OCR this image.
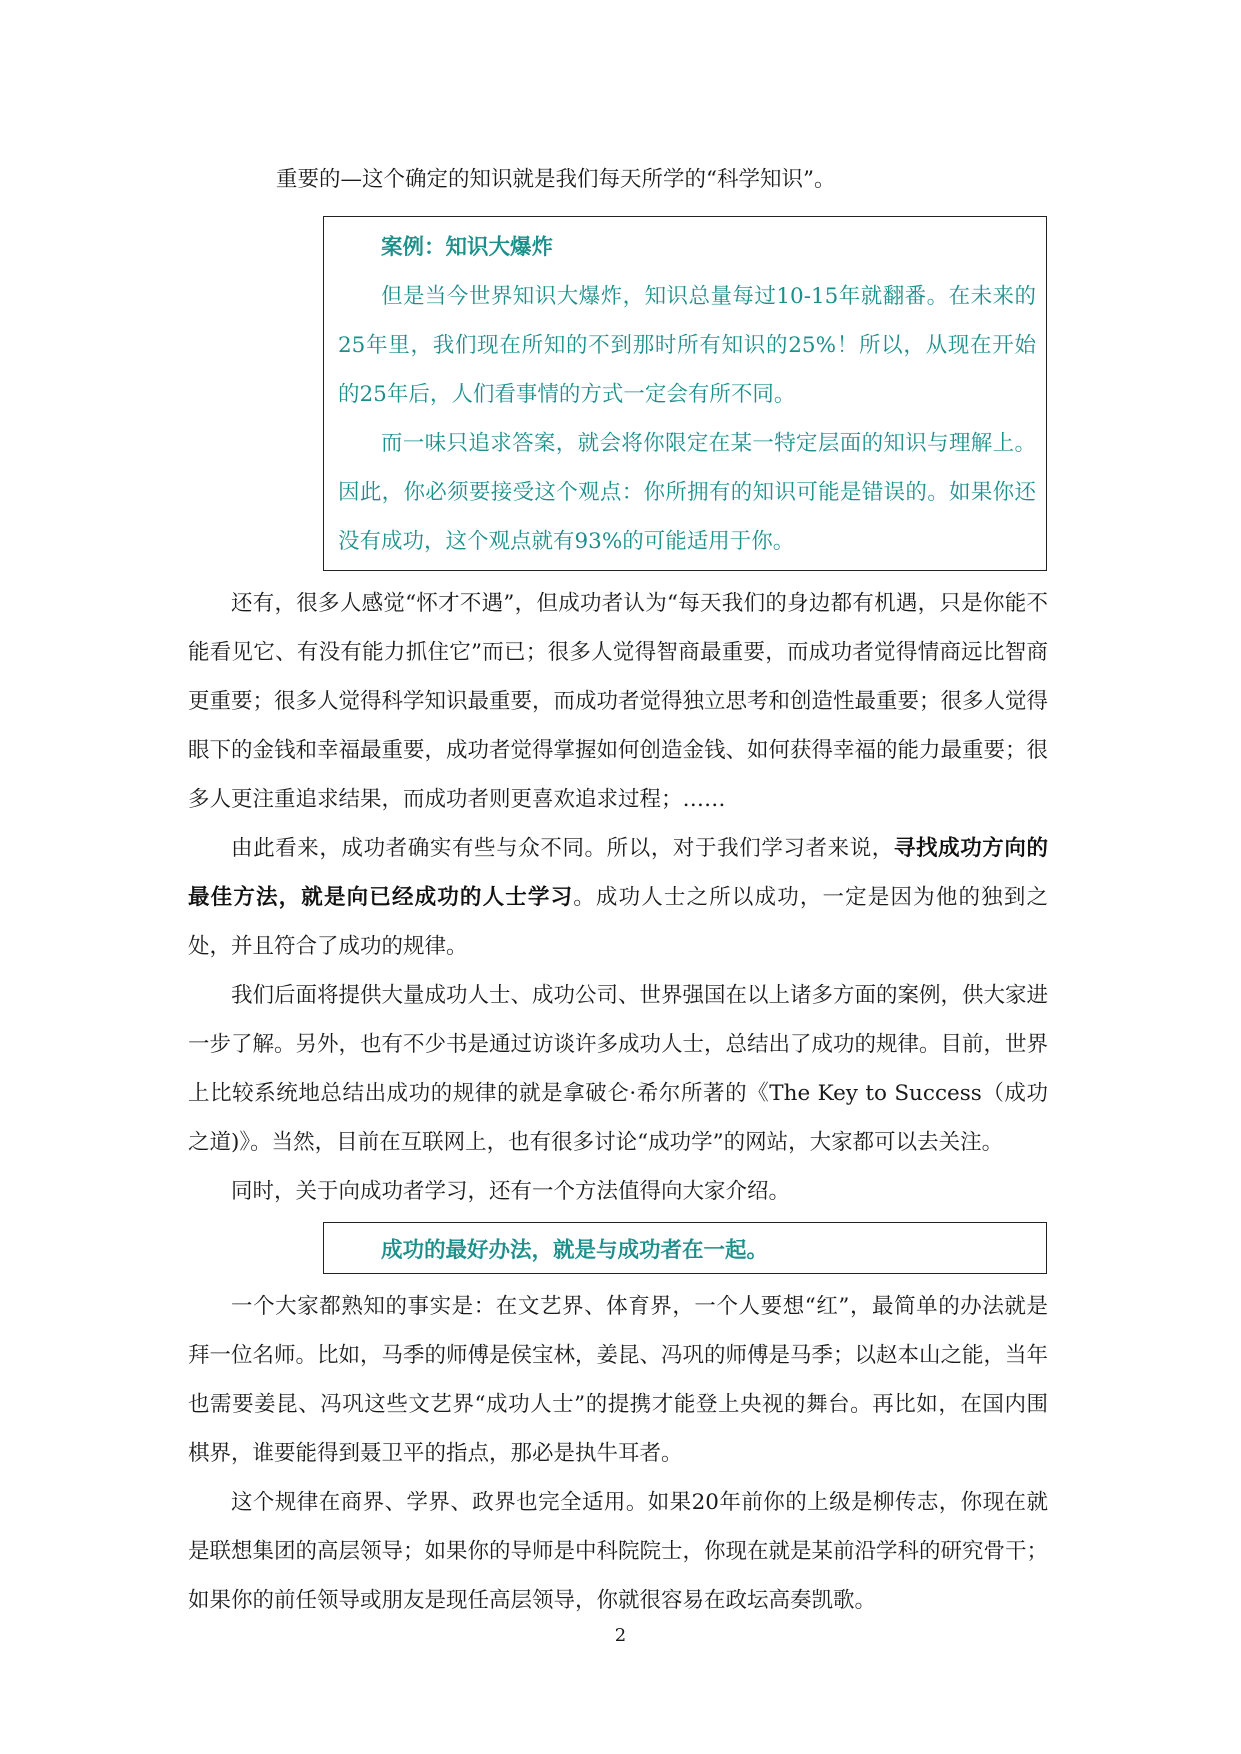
重要的—这个确定的知识就是我们每天所学的“科学知识”。

案例：知识大爆炸

但是当今世界知识大爆炸，知识总量每过10-15年就翻番。在未来的25年里，我们现在所知的不到那时所有知识的25%！所以，从现在开始的25年后，人们看事情的方式一定会有所不同。

而一味只追求答案，就会将你限定在某一特定层面的知识与理解上。因此，你必须要接受这个观点：你所拥有的知识可能是错误的。如果你还没有成功，这个观点就有93%的可能适用于你。

还有，很多人感觉“怀才不遇”，但成功者认为“每天我们的身边都有机遇，只是你能不能看见它、有没有能力抓住它”而已；很多人觉得智商最重要，而成功者觉得情商远比智商更重要；很多人觉得科学知识最重要，而成功者觉得独立思考和创造性最重要；很多人觉得眼下的金钱和幸福最重要，成功者觉得掌握如何创造金钱、如何获得幸福的能力最重要；很多人更注重追求结果，而成功者则更喜欢追求过程；……

由此看来，成功者确实有些与众不同。所以，对于我们学习者来说，寻找成功方向的最佳方法，就是向已经成功的人士学习。成功人士之所以成功，一定是因为他的独到之处，并且符合了成功的规律。

我们后面将提供大量成功人士、成功公司、世界强国在以上诸多方面的案例，供大家进一步了解。另外，也有不少书是通过访谈许多成功人士，总结出了成功的规律。目前，世界上比较系统地总结出成功的规律的就是拿破仑·希尔所著的《The Key to Success（成功之道)》。当然，目前在互联网上，也有很多讨论“成功学”的网站，大家都可以去关注。

同时，关于向成功者学习，还有一个方法值得向大家介绍。

成功的最好办法，就是与成功者在一起。

一个大家都熟知的事实是：在文艺界、体育界，一个人要想“红”，最简单的办法就是拜一位名师。比如，马季的师傅是侯宝林，姜昆、冯巩的师傅是马季；以赵本山之能，当年也需要姜昆、冯巩这些文艺界“成功人士”的提携才能登上央视的舞台。再比如，在国内围棋界，谁要能得到聂卫平的指点，那必是执牛耳者。

这个规律在商界、学界、政界也完全适用。如果20年前你的上级是柳传志，你现在就是联想集团的高层领导；如果你的导师是中科院院士，你现在就是某前沿学科的研究骨干；如果你的前任领导或朋友是现任高层领导，你就很容易在政坛高奏凯歌。

2
